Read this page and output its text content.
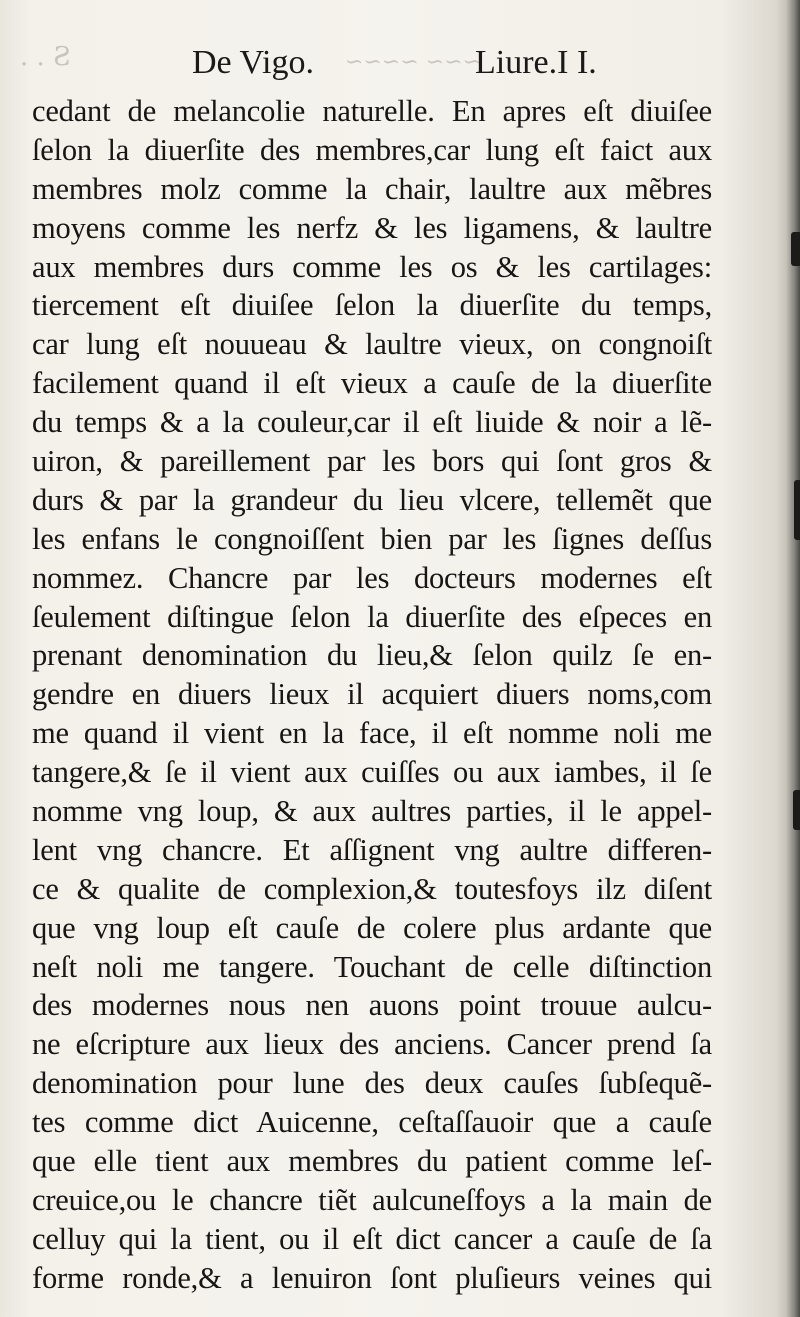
S . .	~~~ ~~~~
De Vigo.	Liure.I I.
cedant de melancolie naturelle. En apres eſt diuiſee
ſelon la diuerſite des membres,car lung eſt faict aux
membres molz comme la chair, laultre aux mẽbres
moyens comme les nerfz & les ligamens, & laultre
aux membres durs comme les os & les cartilages:
tiercement eſt diuiſee ſelon la diuerſite du temps,
car lung eſt nouueau & laultre vieux, on congnoiſt
facilement quand il eſt vieux a cauſe de la diuerſite
du temps & a la couleur,car il eſt liuide & noir a lẽ-
uiron, & pareillement par les bors qui ſont gros &
durs & par la grandeur du lieu vlcere, tellemẽt que
les enfans le congnoiſſent bien par les ſignes deſſus
nommez. Chancre par les docteurs modernes eſt
ſeulement diſtingue ſelon la diuerſite des eſpeces en
prenant denomination du lieu,& ſelon quilz ſe en-
gendre en diuers lieux il acquiert diuers noms,com
me quand il vient en la face, il eſt nomme noli me
tangere,& ſe il vient aux cuiſſes ou aux iambes, il ſe
nomme vng loup, & aux aultres parties, il le appel-
lent vng chancre. Et aſſignent vng aultre differen-
ce & qualite de complexion,& toutesfoys ilz diſent
que vng loup eſt cauſe de colere plus ardante que
neſt noli me tangere. Touchant de celle diſtinction
des modernes nous nen auons point trouue aulcu-
ne eſcripture aux lieux des anciens. Cancer prend ſa
denomination pour lune des deux cauſes ſubſequẽ-
tes comme dict Auicenne, ceſtaſſauoir que a cauſe
que elle tient aux membres du patient comme leſ-
creuice,ou le chancre tiẽt aulcuneſfoys a la main de
celluy qui la tient, ou il eſt dict cancer a cauſe de ſa
forme ronde,& a lenuiron ſont pluſieurs veines qui
